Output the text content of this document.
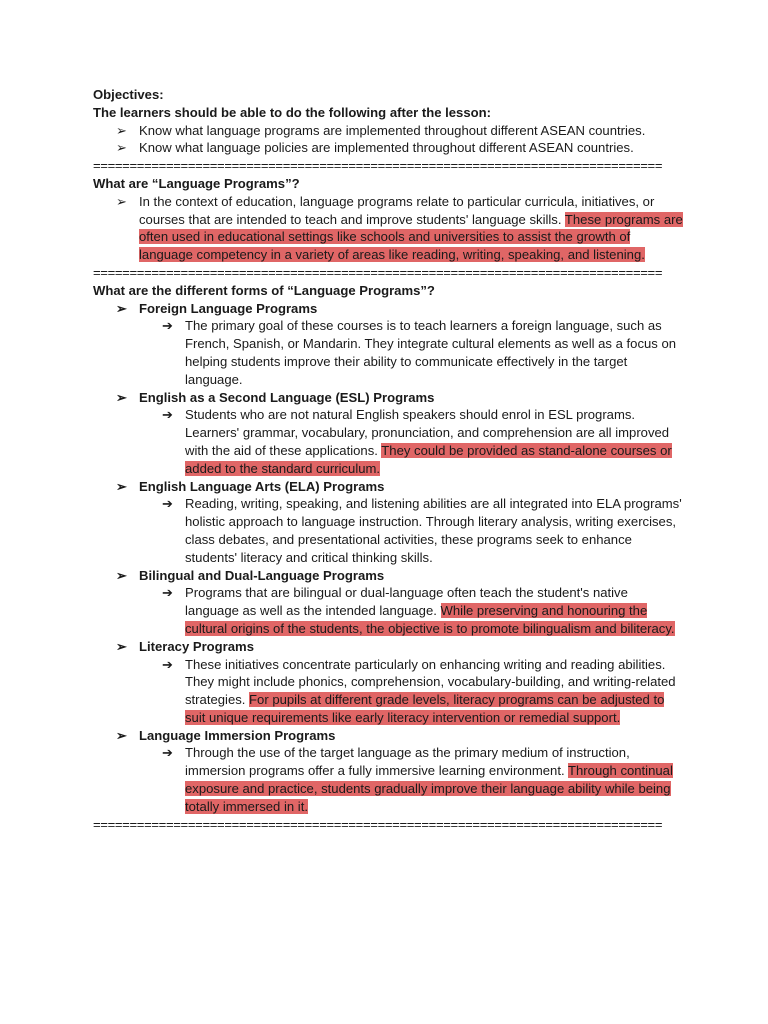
Objectives:
The learners should be able to do the following after the lesson:
➢ Know what language programs are implemented throughout different ASEAN countries.
➢ Know what language policies are implemented throughout different ASEAN countries.
==============================================================================
What are “Language Programs”?
➢ In the context of education, language programs relate to particular curricula, initiatives, or courses that are intended to teach and improve students' language skills. These programs are often used in educational settings like schools and universities to assist the growth of language competency in a variety of areas like reading, writing, speaking, and listening.
==============================================================================
What are the different forms of “Language Programs”?
➢ Foreign Language Programs
➔ The primary goal of these courses is to teach learners a foreign language, such as French, Spanish, or Mandarin. They integrate cultural elements as well as a focus on helping students improve their ability to communicate effectively in the target language.
➢ English as a Second Language (ESL) Programs
➔ Students who are not natural English speakers should enrol in ESL programs. Learners' grammar, vocabulary, pronunciation, and comprehension are all improved with the aid of these applications. They could be provided as stand-alone courses or added to the standard curriculum.
➢ English Language Arts (ELA) Programs
➔ Reading, writing, speaking, and listening abilities are all integrated into ELA programs' holistic approach to language instruction. Through literary analysis, writing exercises, class debates, and presentational activities, these programs seek to enhance students' literacy and critical thinking skills.
➢ Bilingual and Dual-Language Programs
➔ Programs that are bilingual or dual-language often teach the student's native language as well as the intended language. While preserving and honouring the cultural origins of the students, the objective is to promote bilingualism and biliteracy.
➢ Literacy Programs
➔ These initiatives concentrate particularly on enhancing writing and reading abilities. They might include phonics, comprehension, vocabulary-building, and writing-related strategies. For pupils at different grade levels, literacy programs can be adjusted to suit unique requirements like early literacy intervention or remedial support.
➢ Language Immersion Programs
➔ Through the use of the target language as the primary medium of instruction, immersion programs offer a fully immersive learning environment. Through continual exposure and practice, students gradually improve their language ability while being totally immersed in it.
==============================================================================
